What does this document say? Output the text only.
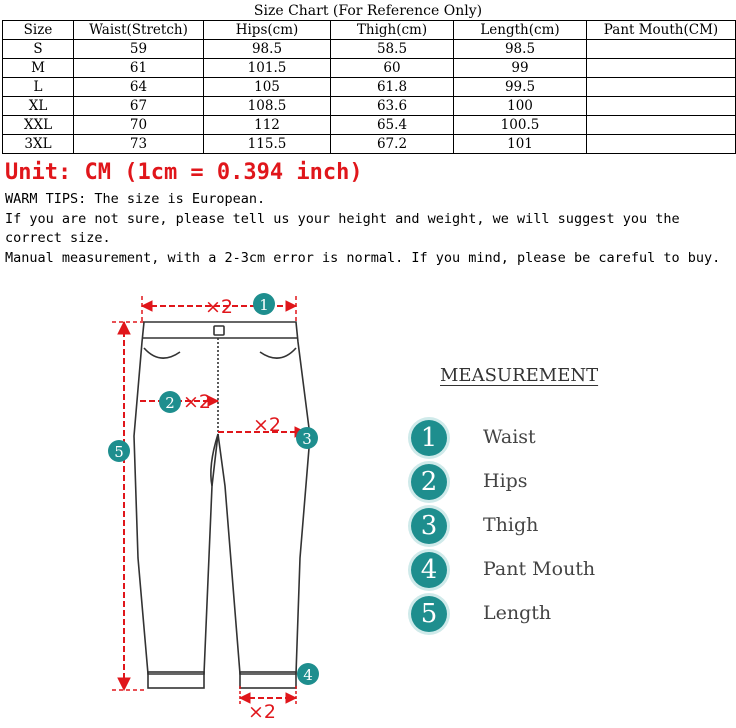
Size Chart (For Reference Only)
Size	Waist(Stretch)	Hips(cm)	Thigh(cm)	Length(cm)	Pant Mouth(CM)
S	59	98.5	58.5	98.5	
M	61	101.5	60	99	
L	64	105	61.8	99.5	
XL	67	108.5	63.6	100	
XXL	70	112	65.4	100.5	
3XL	73	115.5	67.2	101	
Unit: CM (1cm = 0.394 inch)
WARM TIPS: The size is European.
If you are not sure, please tell us your height and weight, we will suggest you the correct size.
Manual measurement, with a 2-3cm error is normal. If you mind, please be careful to buy.
×2 1
5
2 ×2
×2
3
×2
4
MEASUREMENT
1	Waist
2	Hips
3	Thigh
4	Pant Mouth
5	Length
